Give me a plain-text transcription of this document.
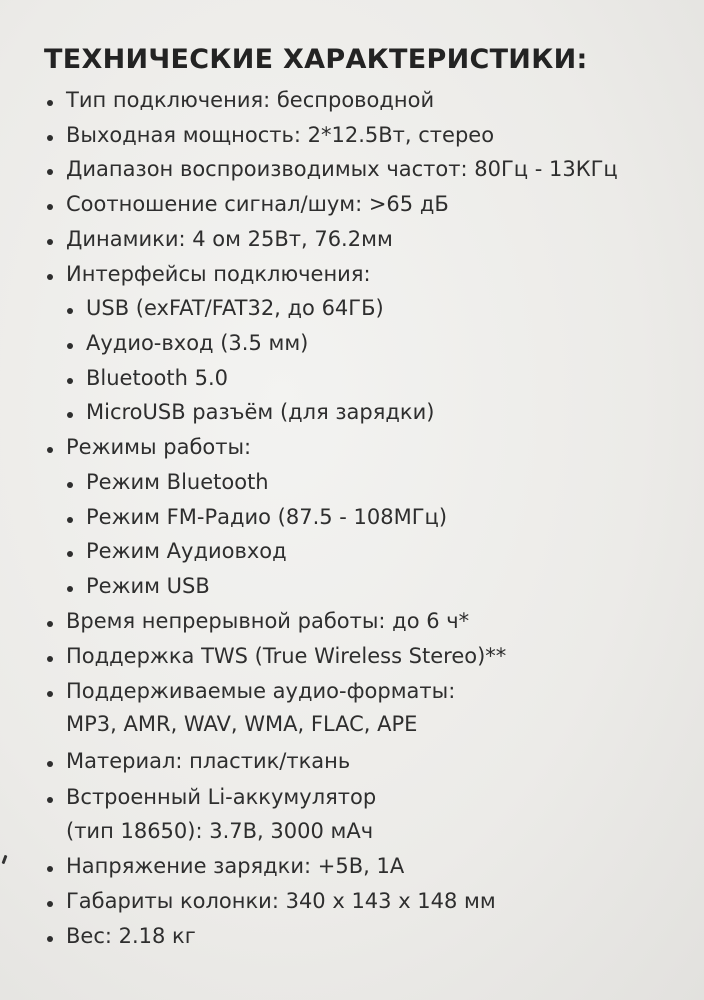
ТЕХНИЧЕСКИЕ ХАРАКТЕРИСТИКИ:
Тип подключения: беспроводной
Выходная мощность: 2*12.5Вт, стерео
Диапазон воспроизводимых частот: 80Гц - 13КГц
Соотношение сигнал/шум: >65 дБ
Динамики: 4 ом 25Вт, 76.2мм
Интерфейсы подключения:
USB (exFAT/FAT32, до 64ГБ)
Аудио-вход (3.5 мм)
Bluetooth 5.0
MicroUSB разъём (для зарядки)
Режимы работы:
Режим Bluetooth
Режим FM-Радио (87.5 - 108МГц)
Режим Аудиовход
Режим USB
Время непрерывной работы: до 6 ч*
Поддержка TWS (True Wireless Stereo)**
Поддерживаемые аудио-форматы:
MP3, AMR, WAV, WMA, FLAC, APE
Материал: пластик/ткань
Встроенный Li-аккумулятор
(тип 18650): 3.7В, 3000 мАч
Напряжение зарядки: +5В, 1А
Габариты колонки: 340 x 143 x 148 мм
Вес: 2.18 кг
